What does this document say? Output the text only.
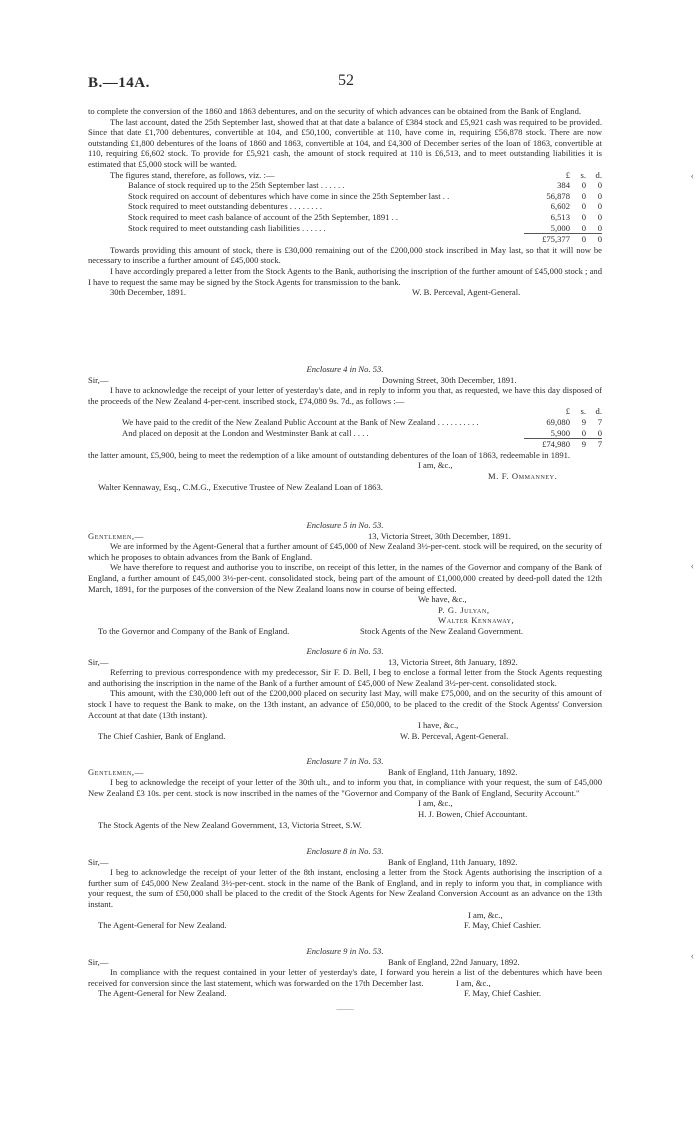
B.—14A.	52
‹
‹
‹

to complete the conversion of the 1860 and 1863 debentures, and on the security of which advances can be obtained from the Bank of England.

The last account, dated the 25th September last, showed that at that date a balance of £384 stock and £5,921 cash was required to be provided. Since that date £1,700 debentures, convertible at 104, and £50,100, convertible at 110, have come in, requiring £56,878 stock. There are now outstanding £1,800 debentures of the loans of 1860 and 1863, convertible at 104, and £4,300 of December series of the loan of 1863, convertible at 110, requiring £6,602 stock. To provide for £5,921 cash, the amount of stock required at 110 is £6,513, and to meet outstanding liabilities it is estimated that £5,000 stock will be wanted.

The figures stand, therefore, as follows, viz. :—	£	s.	d.
Balance of stock required up to the 25th September last . . . . . .	384	0	0
Stock required on account of debentures which have come in since the 25th September last . .	56,878	0	0
Stock required to meet outstanding debentures . . . . . . . .	6,602	0	0
Stock required to meet cash balance of account of the 25th September, 1891 . .	6,513	0	0
Stock required to meet outstanding cash liabilities . . . . . .	5,000	0	0
£75,377	0	0

Towards providing this amount of stock, there is £30,000 remaining out of the £200,000 stock inscribed in May last, so that it will now be necessary to inscribe a further amount of £45,000 stock.

I have accordingly prepared a letter from the Stock Agents to the Bank, authorising the inscription of the further amount of £45,000 stock ; and I have to request the same may be signed by the Stock Agents for transmission to the bank.

30th December, 1891.	W. B. Perceval, Agent-General.
Enclosure 4 in No. 53.
Sir,—	Downing Street, 30th December, 1891.

I have to acknowledge the receipt of your letter of yesterday's date, and in reply to inform you that, as requested, we have this day disposed of the proceeds of the New Zealand 4-per-cent. inscribed stock, £74,080 9s. 7d., as follows :—

£	s.	d.
We have paid to the credit of the New Zealand Public Account at the Bank of New Zealand . . . . . . . . . .	69,080	9	7
And placed on deposit at the London and Westminster Bank at call . . . .	5,900	0	0
£74,980	9	7

the latter amount, £5,900, being to meet the redemption of a like amount of outstanding debentures of the loan of 1863, redeemable in 1891.

I am, &c.,
M. F. Ommanney.
Walter Kennaway, Esq., C.M.G., Executive Trustee of New Zealand Loan of 1863.
Enclosure 5 in No. 53.
Gentlemen,—	13, Victoria Street, 30th December, 1891.

We are informed by the Agent-General that a further amount of £45,000 of New Zealand 3½-per-cent. stock will be required, on the security of which he proposes to obtain advances from the Bank of England.

We have therefore to request and authorise you to inscribe, on receipt of this letter, in the names of the Governor and company of the Bank of England, a further amount of £45,000 3½-per-cent. consolidated stock, being part of the amount of £1,000,000 created by deed-poll dated the 12th March, 1891, for the purposes of the conversion of the New Zealand loans now in course of being effected.

We have, &c.,
P. G. Julyan,
Walter Kennaway,
To the Governor and Company of the Bank of England.	Stock Agents of the New Zealand Government.
Enclosure 6 in No. 53.
Sir,—	13, Victoria Street, 8th January, 1892.

Referring to previous correspondence with my predecessor, Sir F. D. Bell, I beg to enclose a formal letter from the Stock Agents requesting and authorising the inscription in the name of the Bank of a further amount of £45,000 of New Zealand 3½-per-cent. consolidated stock.

This amount, with the £30,000 left out of the £200,000 placed on security last May, will make £75,000, and on the security of this amount of stock I have to request the Bank to make, on the 13th instant, an advance of £50,000, to be placed to the credit of the Stock Agentss' Conversion Account at that date (13th instant).

I have, &c.,
The Chief Cashier, Bank of England.	W. B. Perceval, Agent-General.
Enclosure 7 in No. 53.
Gentlemen,—	Bank of England, 11th January, 1892.

I beg to acknowledge the receipt of your letter of the 30th ult., and to inform you that, in compliance with your request, the sum of £45,000 New Zealand £3 10s. per cent. stock is now inscribed in the names of the "Governor and Company of the Bank of England, Security Account."

I am, &c.,
H. J. Bowen, Chief Accountant.
The Stock Agents of the New Zealand Government, 13, Victoria Street, S.W.
Enclosure 8 in No. 53.
Sir,—	Bank of England, 11th January, 1892.

I beg to acknowledge the receipt of your letter of the 8th instant, enclosing a letter from the Stock Agents authorising the inscription of a further sum of £45,000 New Zealand 3½-per-cent. stock in the name of the Bank of England, and in reply to inform you that, in compliance with your request, the sum of £50,000 shall be placed to the credit of the Stock Agents for New Zealand Conversion Account as an advance on the 13th instant.

I am, &c.,
The Agent-General for New Zealand.	F. May, Chief Cashier.
Enclosure 9 in No. 53.
Sir,—	Bank of England, 22nd January, 1892.

In compliance with the request contained in your letter of yesterday's date, I forward you herein a list of the debentures which have been received for conversion since the last statement, which was forwarded on the 17th December last.	I am, &c.,
The Agent-General for New Zealand.	F. May, Chief Cashier.
——
